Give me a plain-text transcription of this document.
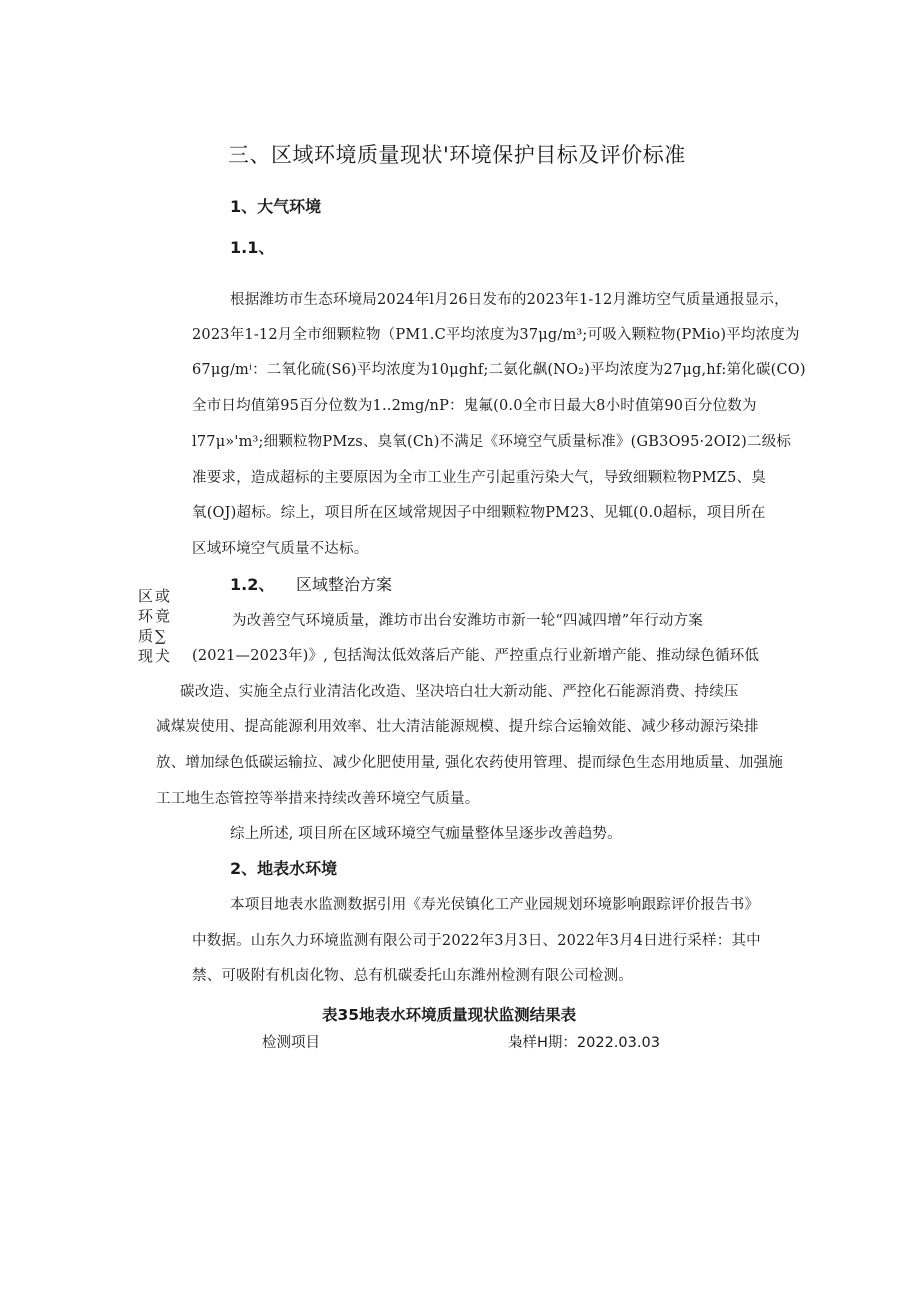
三、区域环境质量现状'环境保护目标及评价标准
1、大气环境
1.1、
根据潍坊市生态环境局2024年l月26日发布的2023年1-12月潍坊空气质量通报显示，
2023年1-12月全市细颗粒物（PM1.C平均浓度为37μg∕m³;可吸入颗粒物(PMio)平均浓度为
67μg∕mⁱ：二氧化硫(S6)平均浓度为10μghf;二氨化飙(NO₂)平均浓度为27μg,hf:第化碳(CO)
全市日均值第95百分位数为1..2mg/nP：鬼氟(0.0全市日最大8小时值第90百分位数为
l77μ»'m³;细颗粒物PMzs、臭氧(Ch)不满足《环境空气质量标准》(GB3O95·2OI2)二级标
准要求，造成超标的主要原因为全市工业生产引起重污染大气，导致细颗粒物PMZ5、臭
氧(OJ)超标。综上，项目所在区域常规因子中细颗粒物PM23、见辄(0.0超标，项目所在
区域环境空气质量不达标。
1.2、 区域整治方案
区或
环竟
质∑
现犬
为改善空气环境质量，潍坊市出台安潍坊市新一轮“四减四增”年行动方案
(2021—2023年)》, 包括淘汰低效落后产能、严控重点行业新增产能、推动绿色循环低
碳改造、实施全点行业清洁化改造、坚决培白壮大新动能、严控化石能源消费、持续压
减煤炭使用、提高能源利用效率、壮大清洁能源规模、提升综合运输效能、减少移动源污染排
放、增加绿色低碳运输拉、减少化肥使用量, 强化农药使用管理、提而绿色生态用地质量、加强施
工工地生态管控等举措来持续改善环境空气质量。
综上所述, 项目所在区域环境空气痂量整体呈逐步改善趋势。
2、地表水环境
本项目地表水监测数据引用《寿光侯镇化工产业园规划环境影响跟踪评价报告书》
中数据。山东久力环境监测有限公司于2022年3月3日、2022年3月4日进行采样：其中
禁、可吸附有机卤化物、总有机碳委托山东潍州检测有限公司检测。
表35地表水环境质量现状监测结果表
检测项目	枭样H期：2022.03.03
